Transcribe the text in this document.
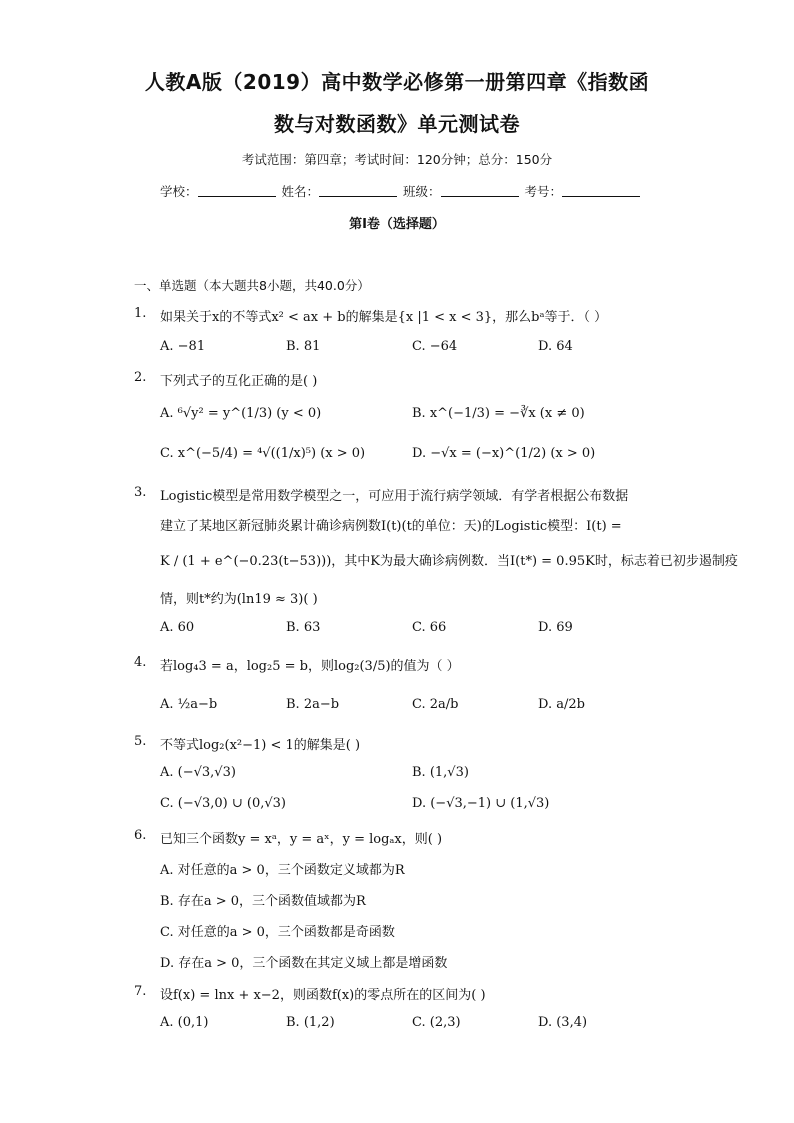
人教A版（2019）高中数学必修第一册第四章《指数函
数与对数函数》单元测试卷
考试范围：第四章；考试时间：120分钟；总分：150分
学校：	姓名：	班级：	考号：
第I卷（选择题）
一、单选题（本大题共8小题，共40.0分）
1. 如果关于x的不等式x² < ax + b的解集是{x |1 < x < 3}，那么bᵃ等于．（ ）
A. −81	B. 81	C. −64	D. 64
2. 下列式子的互化正确的是( )
A. ⁶√y² = y^(1/3) (y < 0)	B. x^(−1/3) = −∛x (x ≠ 0)
C. x^(−5/4) = ⁴√((1/x)⁵) (x > 0)	D. −√x = (−x)^(1/2) (x > 0)
3. Logistic模型是常用数学模型之一，可应用于流行病学领域．有学者根据公布数据
建立了某地区新冠肺炎累计确诊病例数I(t)(t的单位：天)的Logistic模型：I(t) =
K / (1 + e^(−0.23(t−53)))，其中K为最大确诊病例数．当I(t*) = 0.95K时，标志着已初步遏制疫
情，则t*约为(ln19 ≈ 3)( )
A. 60	B. 63	C. 66	D. 69
4. 若log₄3 = a，log₂5 = b，则log₂(3/5)的值为（ ）
A. ½a−b	B. 2a−b	C. 2a/b	D. a/2b
5. 不等式log₂(x²−1) < 1的解集是( )
A. (−√3,√3)	B. (1,√3)
C. (−√3,0) ∪ (0,√3)	D. (−√3,−1) ∪ (1,√3)
6. 已知三个函数y = xᵃ，y = aˣ，y = logₐx，则( )
A. 对任意的a > 0，三个函数定义域都为R
B. 存在a > 0，三个函数值域都为R
C. 对任意的a > 0，三个函数都是奇函数
D. 存在a > 0，三个函数在其定义域上都是增函数
7. 设f(x) = lnx + x−2，则函数f(x)的零点所在的区间为( )
A. (0,1)	B. (1,2)	C. (2,3)	D. (3,4)
